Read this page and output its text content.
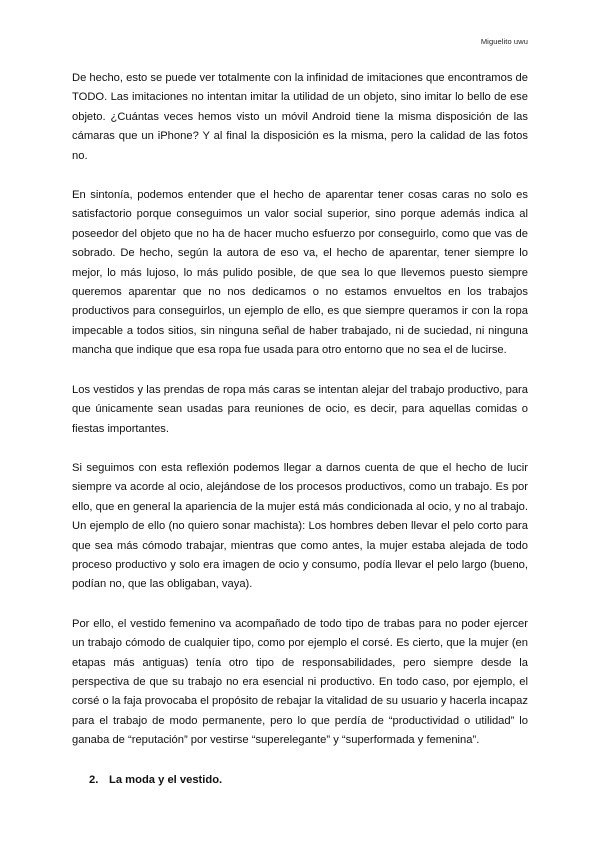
Miguelito uwu

De hecho, esto se puede ver totalmente con la infinidad de imitaciones que encontramos de TODO. Las imitaciones no intentan imitar la utilidad de un objeto, sino imitar lo bello de ese objeto. ¿Cuántas veces hemos visto un móvil Android tiene la misma disposición de las cámaras que un iPhone? Y al final la disposición es la misma, pero la calidad de las fotos no.

En sintonía, podemos entender que el hecho de aparentar tener cosas caras no solo es satisfactorio porque conseguimos un valor social superior, sino porque además indica al poseedor del objeto que no ha de hacer mucho esfuerzo por conseguirlo, como que vas de sobrado. De hecho, según la autora de eso va, el hecho de aparentar, tener siempre lo mejor, lo más lujoso, lo más pulido posible, de que sea lo que llevemos puesto siempre queremos aparentar que no nos dedicamos o no estamos envueltos en los trabajos productivos para conseguirlos, un ejemplo de ello, es que siempre queramos ir con la ropa impecable a todos sitios, sin ninguna señal de haber trabajado, ni de suciedad, ni ninguna mancha que indique que esa ropa fue usada para otro entorno que no sea el de lucirse.

Los vestidos y las prendas de ropa más caras se intentan alejar del trabajo productivo, para que únicamente sean usadas para reuniones de ocio, es decir, para aquellas comidas o fiestas importantes.

Si seguimos con esta reflexión podemos llegar a darnos cuenta de que el hecho de lucir siempre va acorde al ocio, alejándose de los procesos productivos, como un trabajo. Es por ello, que en general la apariencia de la mujer está más condicionada al ocio, y no al trabajo. Un ejemplo de ello (no quiero sonar machista): Los hombres deben llevar el pelo corto para que sea más cómodo trabajar, mientras que como antes, la mujer estaba alejada de todo proceso productivo y solo era imagen de ocio y consumo, podía llevar el pelo largo (bueno, podían no, que las obligaban, vaya).

Por ello, el vestido femenino va acompañado de todo tipo de trabas para no poder ejercer un trabajo cómodo de cualquier tipo, como por ejemplo el corsé. Es cierto, que la mujer (en etapas más antiguas) tenía otro tipo de responsabilidades, pero siempre desde la perspectiva de que su trabajo no era esencial ni productivo. En todo caso, por ejemplo, el corsé o la faja provocaba el propósito de rebajar la vitalidad de su usuario y hacerla incapaz para el trabajo de modo permanente, pero lo que perdía de “productividad o utilidad” lo ganaba de “reputación” por vestirse “superelegante” y “superformada y femenina”.

2. La moda y el vestido.
